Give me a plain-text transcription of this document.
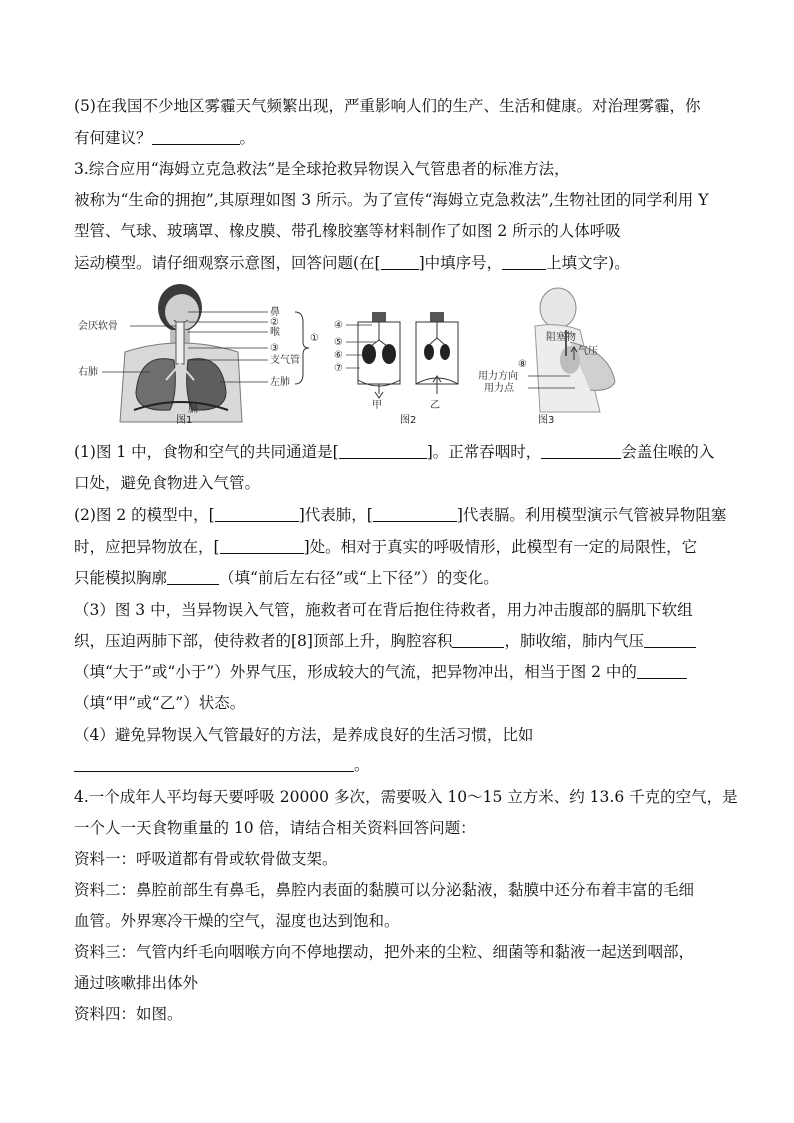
(5)在我国不少地区雾霾天气频繁出现，严重影响人们的生产、生活和健康。对治理雾霾，你
有何建议？	。
3.综合应用“海姆立克急救法”是全球抢救异物误入气管患者的标准方法，
被称为“生命的拥抱”,其原理如图 3 所示。为了宣传“海姆立克急救法”,生物社团的同学利用 Y
型管、气球、玻璃罩、橡皮膜、带孔橡胶塞等材料制作了如图 2 所示的人体呼吸
运动模型。请仔细观察示意图，回答问题(在[ ]中填序号，	上填文字)。
会厌软骨
鼻
②
喉
③
支气管
右肺
左肺
膈
①
图1
④
⑤
⑥
⑦
甲	乙
图2
阻塞物
⑧
气压
用力方向
用力点
图3
(1)图 1 中，食物和空气的共同通道是[	]。正常吞咽时，	会盖住喉的入
口处，避免食物进入气管。
(2)图 2 的模型中，[	]代表肺，[	]代表膈。利用模型演示气管被异物阻塞
时，应把异物放在，[	]处。相对于真实的呼吸情形，此模型有一定的局限性，它
只能模拟胸廓	（填“前后左右径”或“上下径”）的变化。
（3）图 3 中，当异物误入气管，施救者可在背后抱住待救者，用力冲击腹部的膈肌下软组
织，压迫两肺下部，使待救者的[8]顶部上升，胸腔容积	，肺收缩，肺内气压
（填“大于”或“小于”）外界气压，形成较大的气流，把异物冲出，相当于图 2 中的
（填“甲”或“乙”）状态。
（4）避免异物误入气管最好的方法，是养成良好的生活习惯，比如
。
4.一个成年人平均每天要呼吸 20000 多次，需要吸入 10～15 立方米、约 13.6 千克的空气，是
一个人一天食物重量的 10 倍，请结合相关资料回答问题：
资料一：呼吸道都有骨或软骨做支架。
资料二：鼻腔前部生有鼻毛，鼻腔内表面的黏膜可以分泌黏液，黏膜中还分布着丰富的毛细
血管。外界寒冷干燥的空气，湿度也达到饱和。
资料三：气管内纤毛向咽喉方向不停地摆动，把外来的尘粒、细菌等和黏液一起送到咽部，
通过咳嗽排出体外
资料四：如图。
